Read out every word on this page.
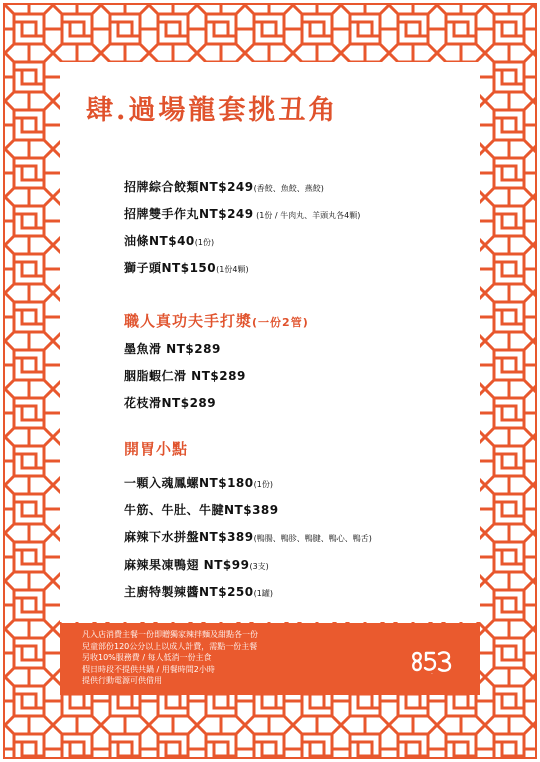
肆.過場龍套挑丑角
招牌綜合餃類NT$249(香餃、魚餃、燕餃)
招牌雙手作丸NT$249 (1份 / 牛肉丸、羊頭丸各4顆)
油條NT$40(1份)
獅子頭NT$150(1份4顆)
職人真功夫手打漿(一份2管)
墨魚滑 NT$289
胭脂蝦仁滑 NT$289
花枝滑NT$289
開胃小點
一顆入魂鳳螺NT$180(1份)
牛筋、牛肚、牛腱NT$389
麻辣下水拼盤NT$389(鴨腸、鴨胗、鴨腱、鴨心、鴨舌)
麻辣果凍鴨翅 NT$99(3支)
主廚特製辣醬NT$250(1罐)
凡入店消費主餐一份即贈獨家辣拌麵及甜點各一份
兒童部份120公分以上以成人計費，需點一份主餐
另收10%服務費 / 每人低消一份主食
假日時段不提供共鍋 / 用餐時間2小時
提供行動電源可供借用
853
